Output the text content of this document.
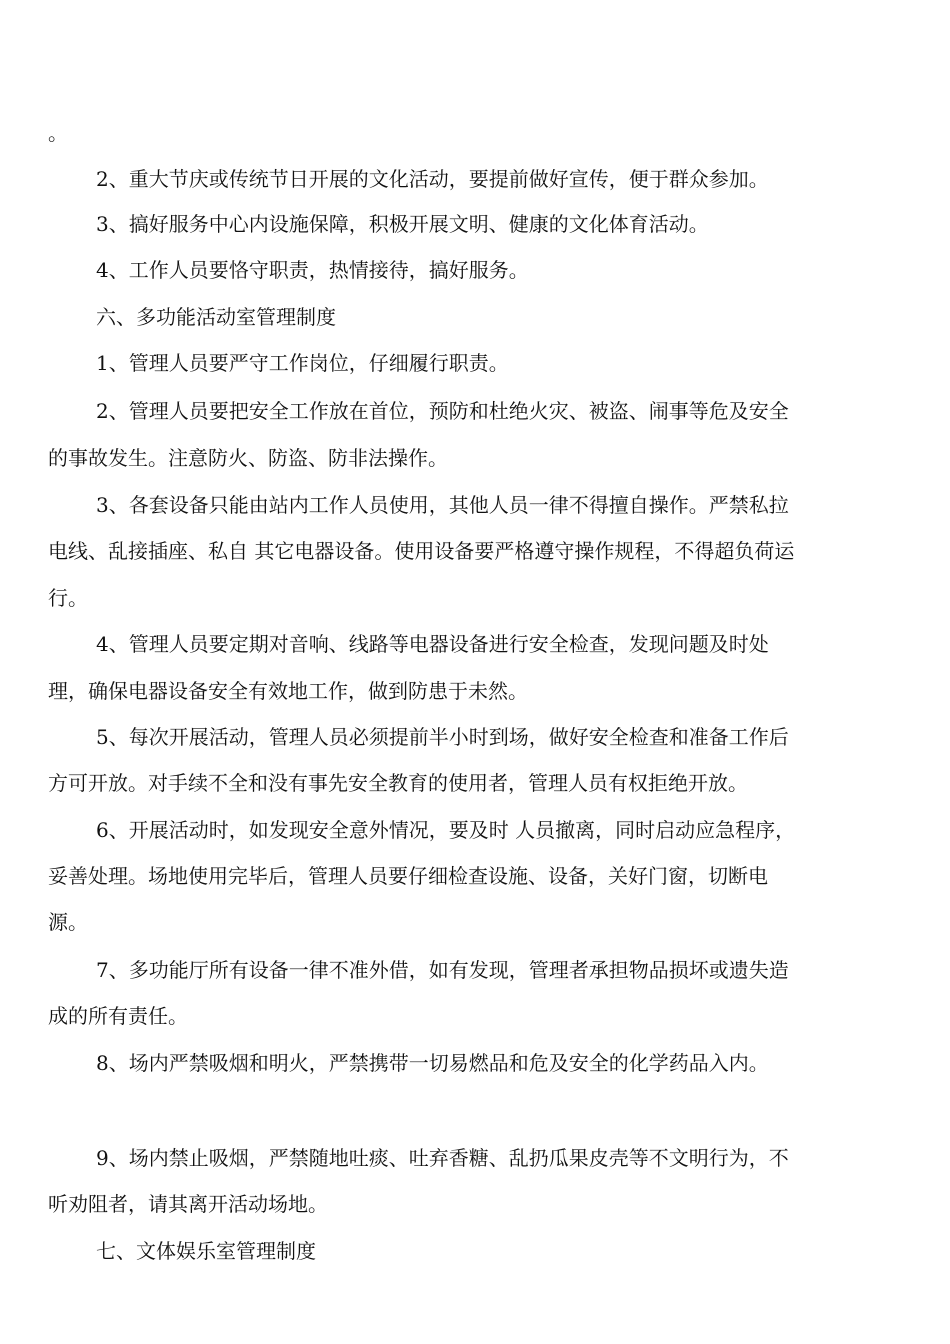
。
2、重大节庆或传统节日开展的文化活动，要提前做好宣传，便于群众参加。
3、搞好服务中心内设施保障，积极开展文明、健康的文化体育活动。
4、工作人员要恪守职责，热情接待，搞好服务。
六、多功能活动室管理制度
1、管理人员要严守工作岗位，仔细履行职责。
2、管理人员要把安全工作放在首位，预防和杜绝火灾、被盗、闹事等危及安全
的事故发生。注意防火、防盗、防非法操作。
3、各套设备只能由站内工作人员使用，其他人员一律不得擅自操作。严禁私拉
电线、乱接插座、私自 其它电器设备。使用设备要严格遵守操作规程，不得超负荷运
行。
4、管理人员要定期对音响、线路等电器设备进行安全检查，发现问题及时处
理，确保电器设备安全有效地工作，做到防患于未然。
5、每次开展活动，管理人员必须提前半小时到场，做好安全检查和准备工作后
方可开放。对手续不全和没有事先安全教育的使用者，管理人员有权拒绝开放。
6、开展活动时，如发现安全意外情况，要及时 人员撤离，同时启动应急程序，
妥善处理。场地使用完毕后，管理人员要仔细检查设施、设备，关好门窗，切断电
源。
7、多功能厅所有设备一律不准外借，如有发现，管理者承担物品损坏或遗失造
成的所有责任。
8、场内严禁吸烟和明火，严禁携带一切易燃品和危及安全的化学药品入内。
9、场内禁止吸烟，严禁随地吐痰、吐弃香糖、乱扔瓜果皮壳等不文明行为，不
听劝阻者，请其离开活动场地。
七、文体娱乐室管理制度
